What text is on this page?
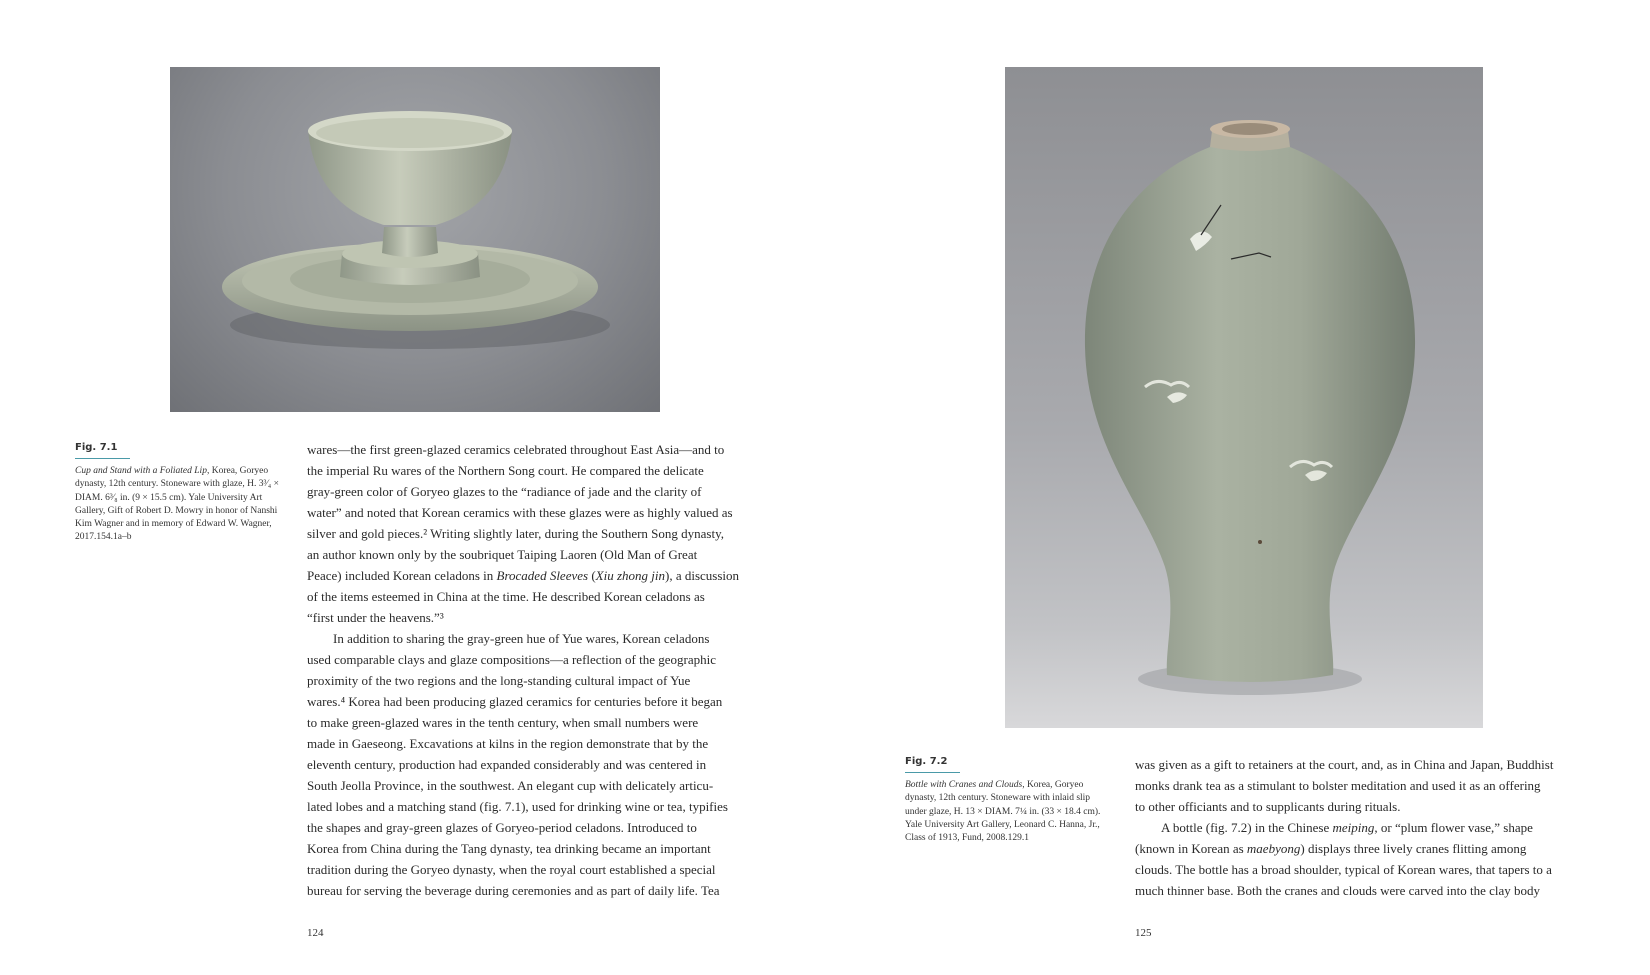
Fig. 7.1

Cup and Stand with a Foliated Lip, Korea, Goryeo dynasty, 12th century. Stoneware with glaze, H. 3³⁄₄ × DIAM. 6³⁄₈ in. (9 × 15.5 cm). Yale University Art Gallery, Gift of Robert D. Mowry in honor of Nanshi Kim Wagner and in memory of Edward W. Wagner, 2017.154.1a–b

wares—the first green-glazed ceramics celebrated throughout East Asia—and to
the imperial Ru wares of the Northern Song court. He compared the delicate
gray-green color of Goryeo glazes to the “radiance of jade and the clarity of
water” and noted that Korean ceramics with these glazes were as highly valued as
silver and gold pieces.² Writing slightly later, during the Southern Song dynasty,
an author known only by the soubriquet Taiping Laoren (Old Man of Great
Peace) included Korean celadons in Brocaded Sleeves (Xiu zhong jin), a discussion
of the items esteemed in China at the time. He described Korean celadons as
“first under the heavens.”³
In addition to sharing the gray-green hue of Yue wares, Korean celadons
used comparable clays and glaze compositions—a reflection of the geographic
proximity of the two regions and the long-standing cultural impact of Yue
wares.⁴ Korea had been producing glazed ceramics for centuries before it began
to make green-glazed wares in the tenth century, when small numbers were
made in Gaeseong. Excavations at kilns in the region demonstrate that by the
eleventh century, production had expanded considerably and was centered in
South Jeolla Province, in the southwest. An elegant cup with delicately articu-
lated lobes and a matching stand (fig. 7.1), used for drinking wine or tea, typifies
the shapes and gray-green glazes of Goryeo-period celadons. Introduced to
Korea from China during the Tang dynasty, tea drinking became an important
tradition during the Goryeo dynasty, when the royal court established a special
bureau for serving the beverage during ceremonies and as part of daily life. Tea
124
Fig. 7.2

Bottle with Cranes and Clouds, Korea, Goryeo dynasty, 12th century. Stoneware with inlaid slip under glaze, H. 13 × DIAM. 7¼ in. (33 × 18.4 cm). Yale University Art Gallery, Leonard C. Hanna, Jr., Class of 1913, Fund, 2008.129.1

was given as a gift to retainers at the court, and, as in China and Japan, Buddhist
monks drank tea as a stimulant to bolster meditation and used it as an offering
to other officiants and to supplicants during rituals.
A bottle (fig. 7.2) in the Chinese meiping, or “plum flower vase,” shape
(known in Korean as maebyong) displays three lively cranes flitting among
clouds. The bottle has a broad shoulder, typical of Korean wares, that tapers to a
much thinner base. Both the cranes and clouds were carved into the clay body
125
